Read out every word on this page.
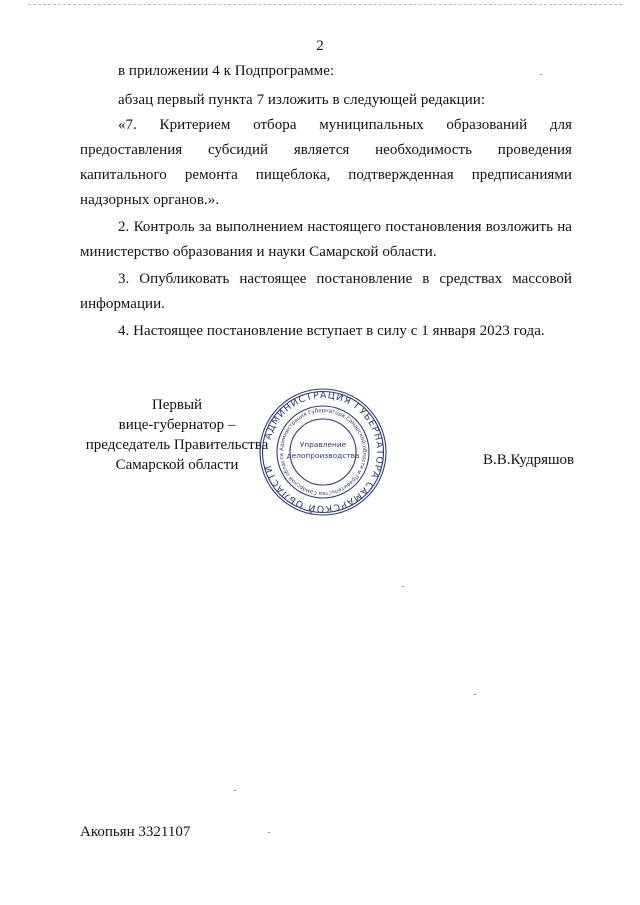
2

в приложении 4 к Подпрограмме:

абзац первый пункта 7 изложить в следующей редакции:

«7. Критерием отбора муниципальных образований для предоставления субсидий является необходимость проведения капитального ремонта пищеблока, подтвержденная предписаниями надзорных органов.».

2. Контроль за выполнением настоящего постановления возложить на министерство образования и науки Самарской области.

3. Опубликовать настоящее постановление в средствах массовой информации.

4. Настоящее постановление вступает в силу с 1 января 2023 года.

Первый
вице-губернатор –
председатель Правительства
Самарской области
АДМИНИСТРАЦИЯ ГУБЕРНАТОРА САМАРСКОЙ ОБЛАСТИ
Администрация Губернатора Самарской области и Правительства Самарской области
Управление
делопроизводства	В.В.Кудряшов
Акопьян 3321107
